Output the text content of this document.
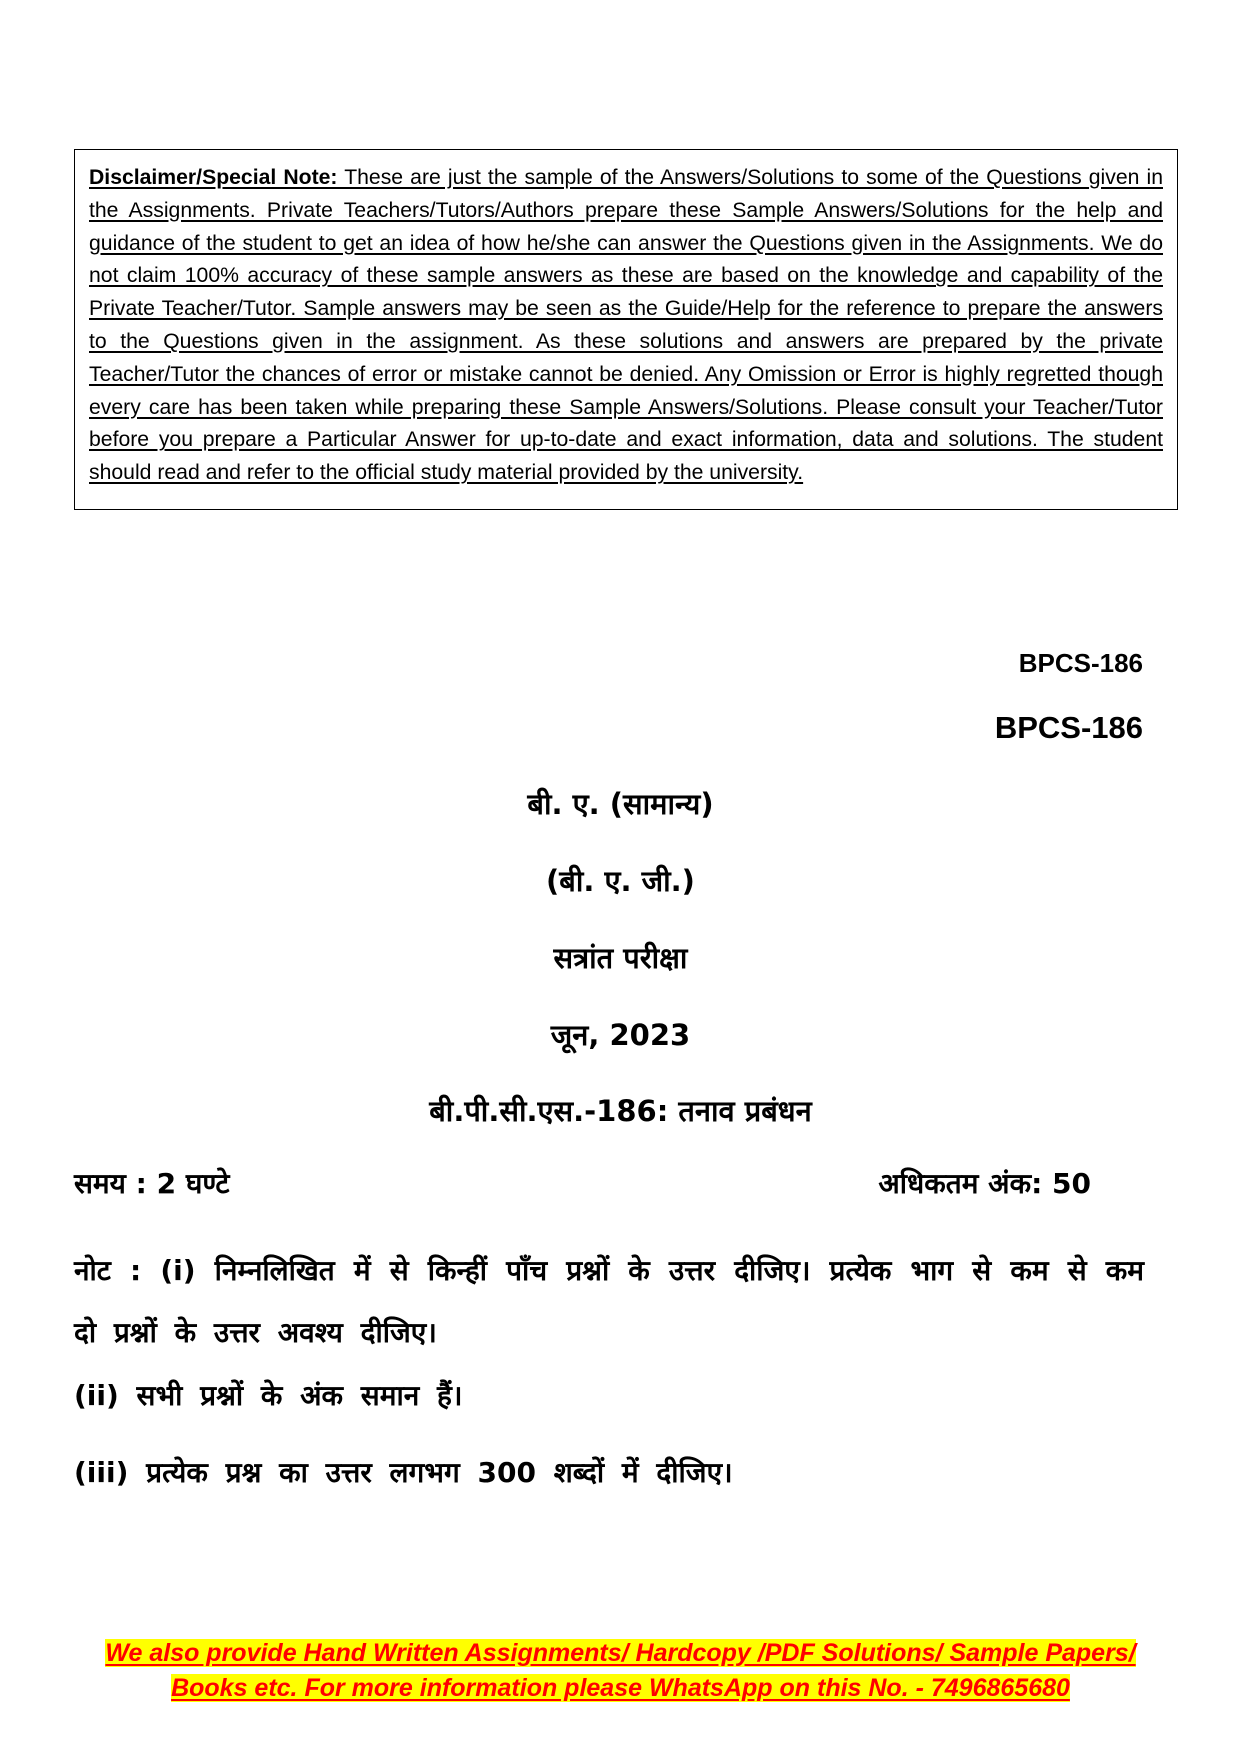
Disclaimer/Special Note: These are just the sample of the Answers/Solutions to some of the Questions given in the Assignments. Private Teachers/Tutors/Authors prepare these Sample Answers/Solutions for the help and guidance of the student to get an idea of how he/she can answer the Questions given in the Assignments. We do not claim 100% accuracy of these sample answers as these are based on the knowledge and capability of the Private Teacher/Tutor. Sample answers may be seen as the Guide/Help for the reference to prepare the answers to the Questions given in the assignment. As these solutions and answers are prepared by the private Teacher/Tutor the chances of error or mistake cannot be denied. Any Omission or Error is highly regretted though every care has been taken while preparing these Sample Answers/Solutions. Please consult your Teacher/Tutor before you prepare a Particular Answer for up-to-date and exact information, data and solutions. The student should read and refer to the official study material provided by the university.
BPCS-186
BPCS-186
बी. ए. (सामान्य)
(बी. ए. जी.)
सत्रांत परीक्षा
जून, 2023
बी.पी.सी.एस.-186: तनाव प्रबंधन
समय : 2 घण्टे	अधिकतम अंक: 50
नोट : (i) निम्नलिखित में से किन्हीं पाँच प्रश्नों के उत्तर दीजिए। प्रत्येक भाग से कम से कम दो प्रश्नों के उत्तर अवश्य दीजिए।
(ii) सभी प्रश्नों के अंक समान हैं।
(iii) प्रत्येक प्रश्न का उत्तर लगभग 300 शब्दों में दीजिए।
We also provide Hand Written Assignments/ Hardcopy /PDF Solutions/ Sample Papers/
Books etc. For more information please WhatsApp on this No. - 7496865680
